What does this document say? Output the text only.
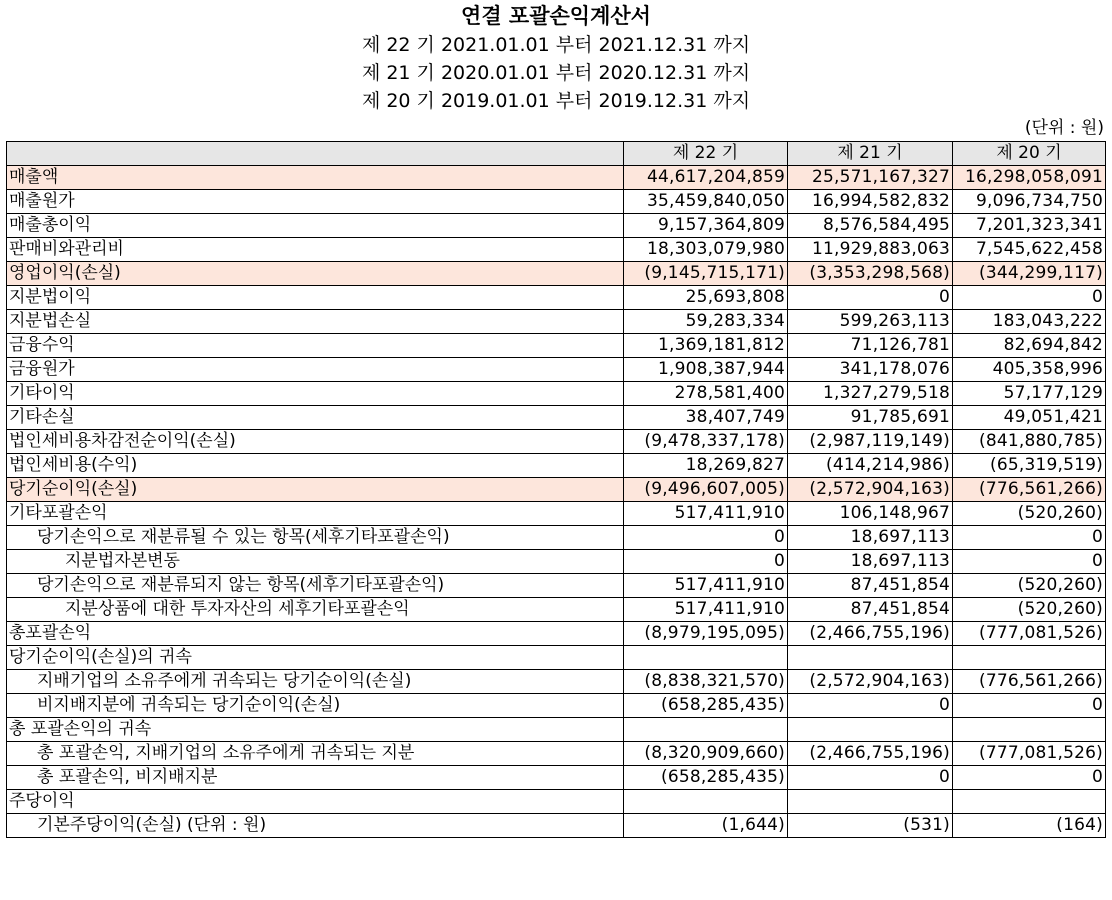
연결 포괄손익계산서
제 22 기 2021.01.01 부터 2021.12.31 까지
제 21 기 2020.01.01 부터 2020.12.31 까지
제 20 기 2019.01.01 부터 2019.12.31 까지
(단위 : 원)
	제 22 기	제 21 기	제 20 기
매출액	44,617,204,859	25,571,167,327	16,298,058,091
매출원가	35,459,840,050	16,994,582,832	9,096,734,750
매출총이익	9,157,364,809	8,576,584,495	7,201,323,341
판매비와관리비	18,303,079,980	11,929,883,063	7,545,622,458
영업이익(손실)	(9,145,715,171)	(3,353,298,568)	(344,299,117)
지분법이익	25,693,808	0	0
지분법손실	59,283,334	599,263,113	183,043,222
금융수익	1,369,181,812	71,126,781	82,694,842
금융원가	1,908,387,944	341,178,076	405,358,996
기타이익	278,581,400	1,327,279,518	57,177,129
기타손실	38,407,749	91,785,691	49,051,421
법인세비용차감전순이익(손실)	(9,478,337,178)	(2,987,119,149)	(841,880,785)
법인세비용(수익)	18,269,827	(414,214,986)	(65,319,519)
당기순이익(손실)	(9,496,607,005)	(2,572,904,163)	(776,561,266)
기타포괄손익	517,411,910	106,148,967	(520,260)
당기손익으로 재분류될 수 있는 항목(세후기타포괄손익)	0	18,697,113	0
지분법자본변동	0	18,697,113	0
당기손익으로 재분류되지 않는 항목(세후기타포괄손익)	517,411,910	87,451,854	(520,260)
지분상품에 대한 투자자산의 세후기타포괄손익	517,411,910	87,451,854	(520,260)
총포괄손익	(8,979,195,095)	(2,466,755,196)	(777,081,526)
당기순이익(손실)의 귀속			
지배기업의 소유주에게 귀속되는 당기순이익(손실)	(8,838,321,570)	(2,572,904,163)	(776,561,266)
비지배지분에 귀속되는 당기순이익(손실)	(658,285,435)	0	0
총 포괄손익의 귀속			
총 포괄손익, 지배기업의 소유주에게 귀속되는 지분	(8,320,909,660)	(2,466,755,196)	(777,081,526)
총 포괄손익, 비지배지분	(658,285,435)	0	0
주당이익			
기본주당이익(손실) (단위 : 원)	(1,644)	(531)	(164)
